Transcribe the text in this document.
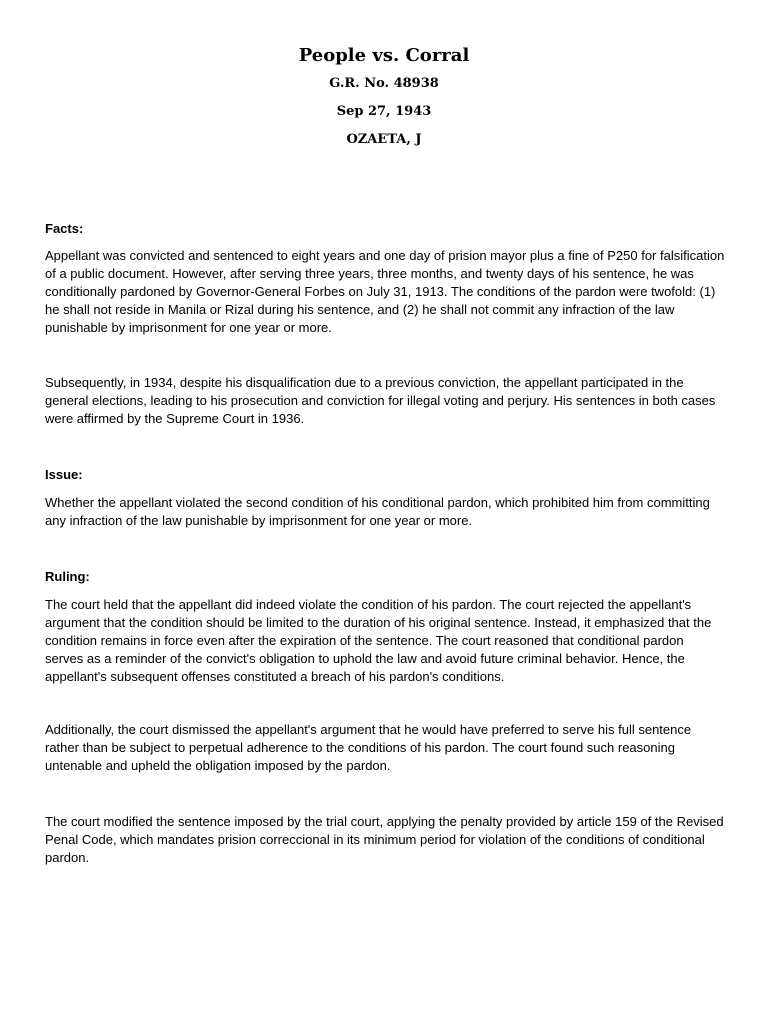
People vs. Corral
G.R. No. 48938
Sep 27, 1943
OZAETA, J
Facts:

Appellant was convicted and sentenced to eight years and one day of prision mayor plus a fine of P250 for falsification of a public document. However, after serving three years, three months, and twenty days of his sentence, he was conditionally pardoned by Governor-General Forbes on July 31, 1913. The conditions of the pardon were twofold: (1) he shall not reside in Manila or Rizal during his sentence, and (2) he shall not commit any infraction of the law punishable by imprisonment for one year or more.

Subsequently, in 1934, despite his disqualification due to a previous conviction, the appellant participated in the general elections, leading to his prosecution and conviction for illegal voting and perjury. His sentences in both cases were affirmed by the Supreme Court in 1936.

Issue:

Whether the appellant violated the second condition of his conditional pardon, which prohibited him from committing any infraction of the law punishable by imprisonment for one year or more.

Ruling:

The court held that the appellant did indeed violate the condition of his pardon. The court rejected the appellant's argument that the condition should be limited to the duration of his original sentence. Instead, it emphasized that the condition remains in force even after the expiration of the sentence. The court reasoned that conditional pardon serves as a reminder of the convict's obligation to uphold the law and avoid future criminal behavior. Hence, the appellant's subsequent offenses constituted a breach of his pardon's conditions.

Additionally, the court dismissed the appellant's argument that he would have preferred to serve his full sentence rather than be subject to perpetual adherence to the conditions of his pardon. The court found such reasoning untenable and upheld the obligation imposed by the pardon.

The court modified the sentence imposed by the trial court, applying the penalty provided by article 159 of the Revised Penal Code, which mandates prision correccional in its minimum period for violation of the conditions of conditional pardon.
